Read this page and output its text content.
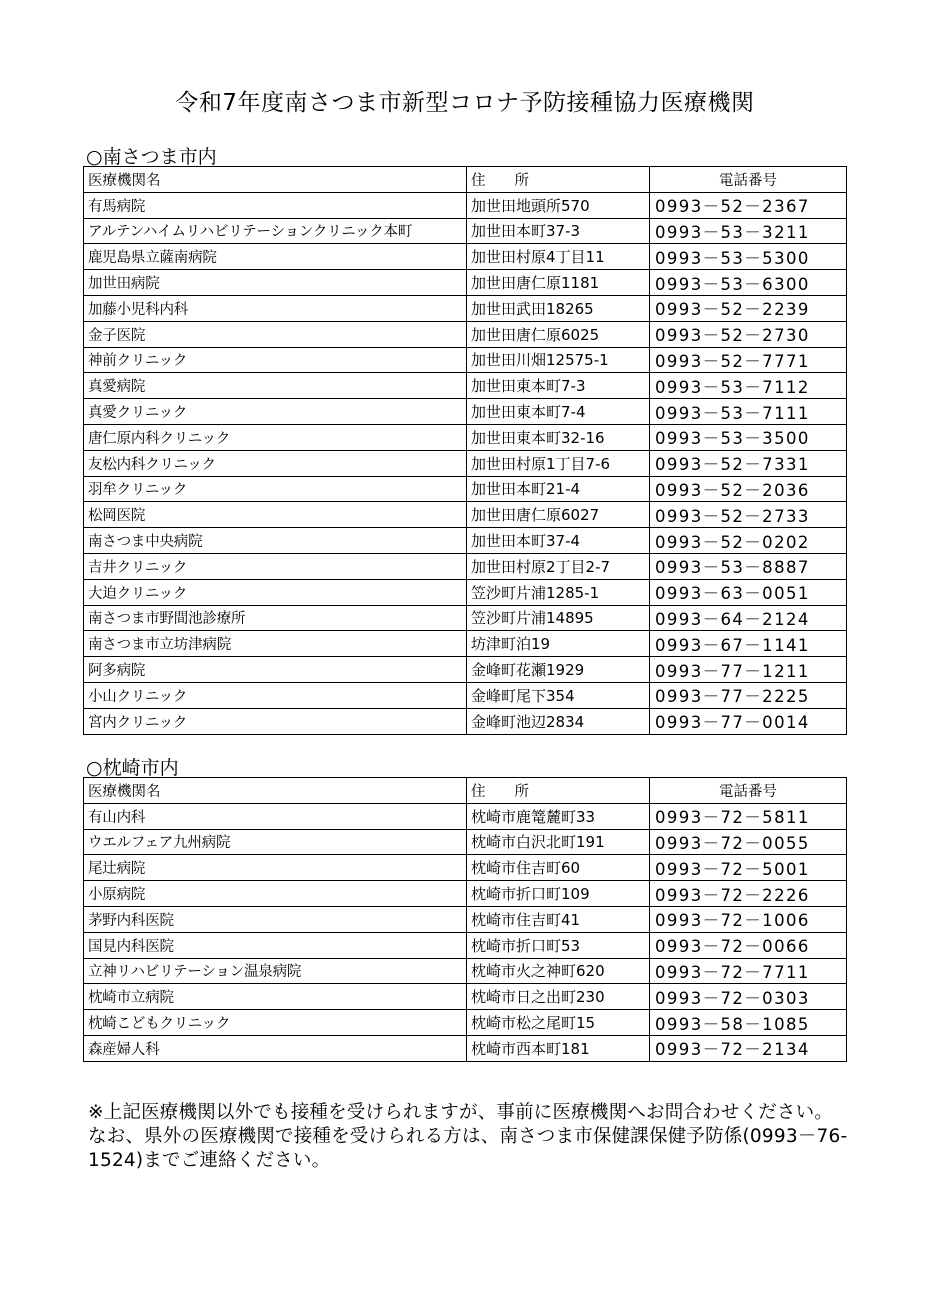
令和7年度南さつま市新型コロナ予防接種協力医療機関
○南さつま市内
医療機関名	住　　所	電話番号
有馬病院	加世田地頭所570	0993－52－2367
アルテンハイムリハビリテーションクリニック本町	加世田本町37-3	0993－53－3211
鹿児島県立薩南病院	加世田村原4丁目11	0993－53－5300
加世田病院	加世田唐仁原1181	0993－53－6300
加藤小児科内科	加世田武田18265	0993－52－2239
金子医院	加世田唐仁原6025	0993－52－2730
神前クリニック	加世田川畑12575-1	0993－52－7771
真愛病院	加世田東本町7-3	0993－53－7112
真愛クリニック	加世田東本町7-4	0993－53－7111
唐仁原内科クリニック	加世田東本町32-16	0993－53－3500
友松内科クリニック	加世田村原1丁目7-6	0993－52－7331
羽牟クリニック	加世田本町21-4	0993－52－2036
松岡医院	加世田唐仁原6027	0993－52－2733
南さつま中央病院	加世田本町37-4	0993－52－0202
吉井クリニック	加世田村原2丁目2-7	0993－53－8887
大迫クリニック	笠沙町片浦1285-1	0993－63－0051
南さつま市野間池診療所	笠沙町片浦14895	0993－64－2124
南さつま市立坊津病院	坊津町泊19	0993－67－1141
阿多病院	金峰町花瀬1929	0993－77－1211
小山クリニック	金峰町尾下354	0993－77－2225
宮内クリニック	金峰町池辺2834	0993－77－0014
○枕崎市内
医療機関名	住　　所	電話番号
有山内科	枕崎市鹿篭麓町33	0993－72－5811
ウエルフェア九州病院	枕崎市白沢北町191	0993－72－0055
尾辻病院	枕崎市住吉町60	0993－72－5001
小原病院	枕崎市折口町109	0993－72－2226
茅野内科医院	枕崎市住吉町41	0993－72－1006
国見内科医院	枕崎市折口町53	0993－72－0066
立神リハビリテーション温泉病院	枕崎市火之神町620	0993－72－7711
枕崎市立病院	枕崎市日之出町230	0993－72－0303
枕崎こどもクリニック	枕崎市松之尾町15	0993－58－1085
森産婦人科	枕崎市西本町181	0993－72－2134
※上記医療機関以外でも接種を受けられますが、事前に医療機関へお問合わせください。なお、県外の医療機関で接種を受けられる方は、南さつま市保健課保健予防係(0993－76-1524)までご連絡ください。
